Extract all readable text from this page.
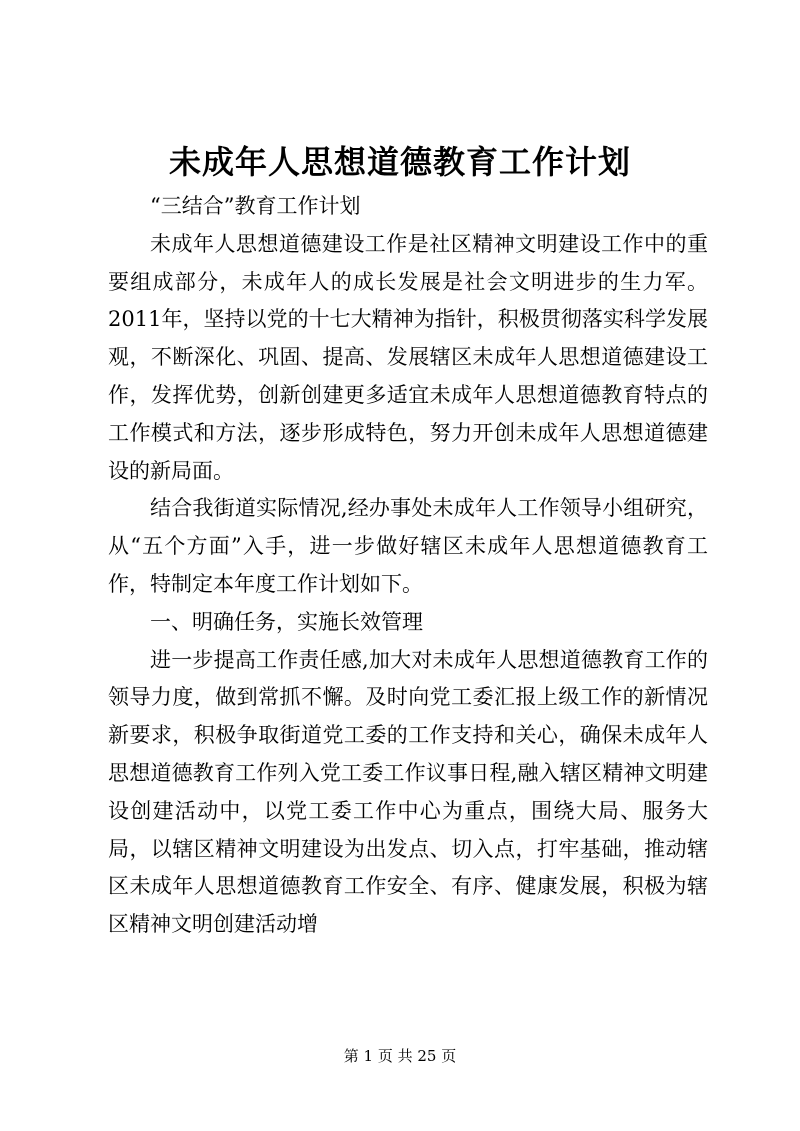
未成年人思想道德教育工作计划

“三结合”教育工作计划

未成年人思想道德建设工作是社区精神文明建设工作中的重要组成部分，未成年人的成长发展是社会文明进步的生力军。2011年，坚持以党的十七大精神为指针，积极贯彻落实科学发展观，不断深化、巩固、提高、发展辖区未成年人思想道德建设工作，发挥优势，创新创建更多适宜未成年人思想道德教育特点的工作模式和方法，逐步形成特色，努力开创未成年人思想道德建设的新局面。

结合我街道实际情况,经办事处未成年人工作领导小组研究，从“五个方面”入手，进一步做好辖区未成年人思想道德教育工作，特制定本年度工作计划如下。

一、明确任务，实施长效管理

进一步提高工作责任感,加大对未成年人思想道德教育工作的领导力度，做到常抓不懈。及时向党工委汇报上级工作的新情况新要求，积极争取街道党工委的工作支持和关心，确保未成年人思想道德教育工作列入党工委工作议事日程,融入辖区精神文明建设创建活动中，以党工委工作中心为重点，围绕大局、服务大局，以辖区精神文明建设为出发点、切入点，打牢基础，推动辖区未成年人思想道德教育工作安全、有序、健康发展，积极为辖区精神文明创建活动增

第 1 页 共 25 页
